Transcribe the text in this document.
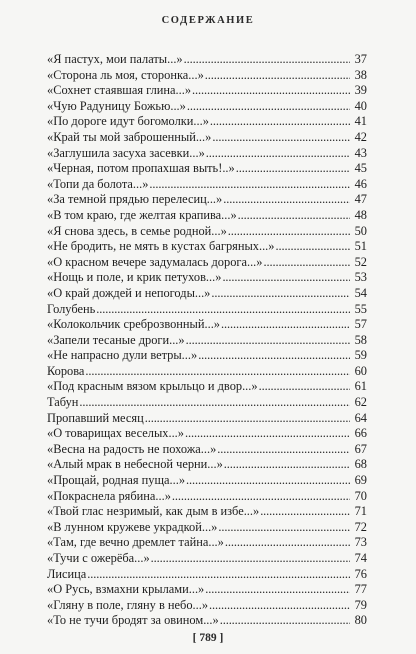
СОДЕРЖАНИЕ
«Я пастух, мои палаты...» . . .	37
«Сторона ль моя, сторонка...» . . .	38
«Сохнет стаявшая глина...» . . .	39
«Чую Радуницу Божью...» . . .	40
«По дороге идут богомолки...» . . .	41
«Край ты мой заброшенный...» . . .	42
«Заглушила засуха засевки...» . . .	43
«Черная, потом пропахшая выть!..» . . .	45
«Топи да болота...» . . .	46
«За темной прядью перелесиц...» . . .	47
«В том краю, где желтая крапива...» . . .	48
«Я снова здесь, в семье родной...» . . .	50
«Не бродить, не мять в кустах багряных...» . . .	51
«О красном вечере задумалась дорога...» . . .	52
«Нощь и поле, и крик петухов...» . . .	53
«О край дождей и непогоды...» . . .	54
Голубень . . .	55
«Колокольчик среброзвонный...» . . .	57
«Запели тесаные дроги...» . . .	58
«Не напрасно дули ветры...» . . .	59
Корова . . .	60
«Под красным вязом крыльцо и двор...» . . .	61
Табун . . .	62
Пропавший месяц . . .	64
«О товарищах веселых...» . . .	66
«Весна на радость не похожа...» . . .	67
«Алый мрак в небесной черни...» . . .	68
«Прощай, родная пуща...» . . .	69
«Покраснела рябина...» . . .	70
«Твой глас незримый, как дым в избе...» . . .	71
«В лунном кружеве украдкой...» . . .	72
«Там, где вечно дремлет тайна...» . . .	73
«Тучи с ожерёба...» . . .	74
Лисица . . .	76
«О Русь, взмахни крылами...» . . .	77
«Гляну в поле, гляну в небо...» . . .	79
«То не тучи бродят за овином...» . . .	80
[ 789 ]
